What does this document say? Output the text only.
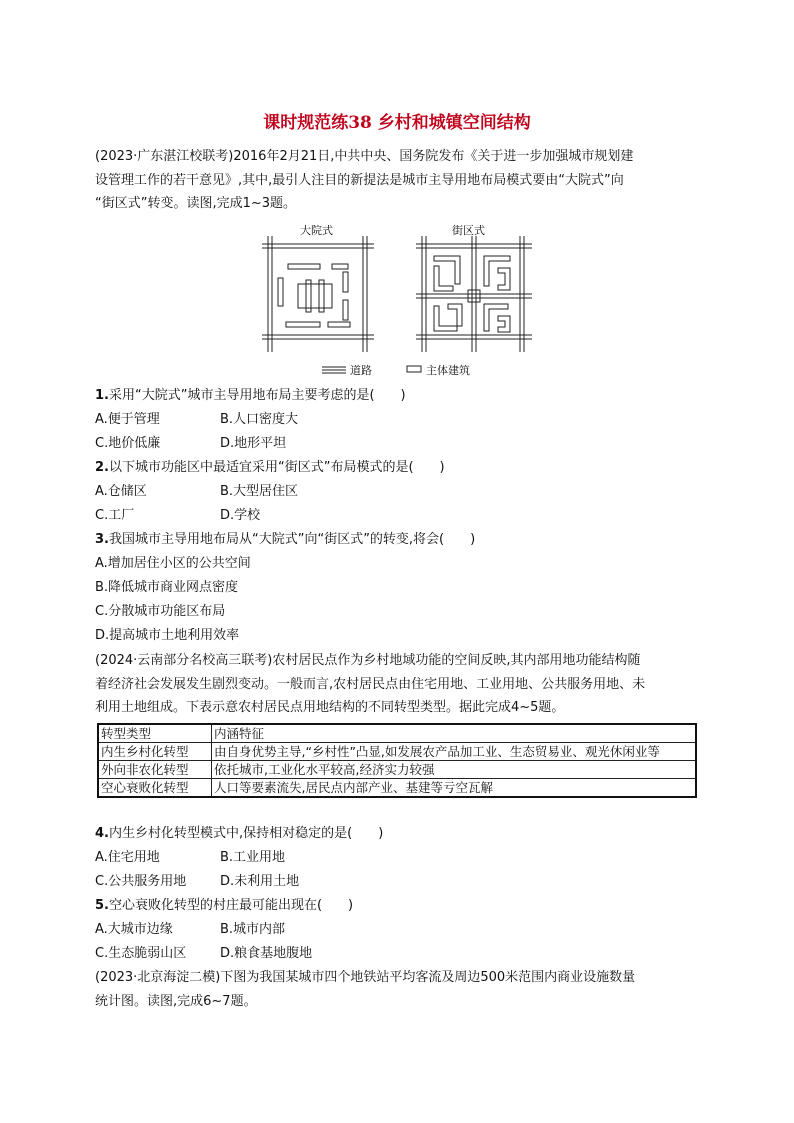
课时规范练38 乡村和城镇空间结构
(2023·广东湛江校联考)2016年2月21日,中共中央、国务院发布《关于进一步加强城市规划建
设管理工作的若干意见》,其中,最引人注目的新提法是城市主导用地布局模式要由“大院式”向
“街区式”转变。读图,完成1~3题。
大院式	街区式
道路	主体建筑
1.采用“大院式”城市主导用地布局主要考虑的是(　　)
A.便于管理	B.人口密度大
C.地价低廉	D.地形平坦
2.以下城市功能区中最适宜采用“街区式”布局模式的是(　　)
A.仓储区	B.大型居住区
C.工厂	D.学校
3.我国城市主导用地布局从“大院式”向“街区式”的转变,将会(　　)
A.增加居住小区的公共空间
B.降低城市商业网点密度
C.分散城市功能区布局
D.提高城市土地利用效率
(2024·云南部分名校高三联考)农村居民点作为乡村地域功能的空间反映,其内部用地功能结构随
着经济社会发展发生剧烈变动。一般而言,农村居民点由住宅用地、工业用地、公共服务用地、未
利用土地组成。下表示意农村居民点用地结构的不同转型类型。据此完成4~5题。
转型类型	内涵特征
内生乡村化转型	由自身优势主导,“乡村性”凸显,如发展农产品加工业、生态贸易业、观光休闲业等
外向非农化转型	依托城市,工业化水平较高,经济实力较强
空心衰败化转型	人口等要素流失,居民点内部产业、基建等亏空瓦解
4.内生乡村化转型模式中,保持相对稳定的是(　　)
A.住宅用地	B.工业用地
C.公共服务用地	D.未利用土地
5.空心衰败化转型的村庄最可能出现在(　　)
A.大城市边缘	B.城市内部
C.生态脆弱山区	D.粮食基地腹地
(2023·北京海淀二模)下图为我国某城市四个地铁站平均客流及周边500米范围内商业设施数量
统计图。读图,完成6~7题。
